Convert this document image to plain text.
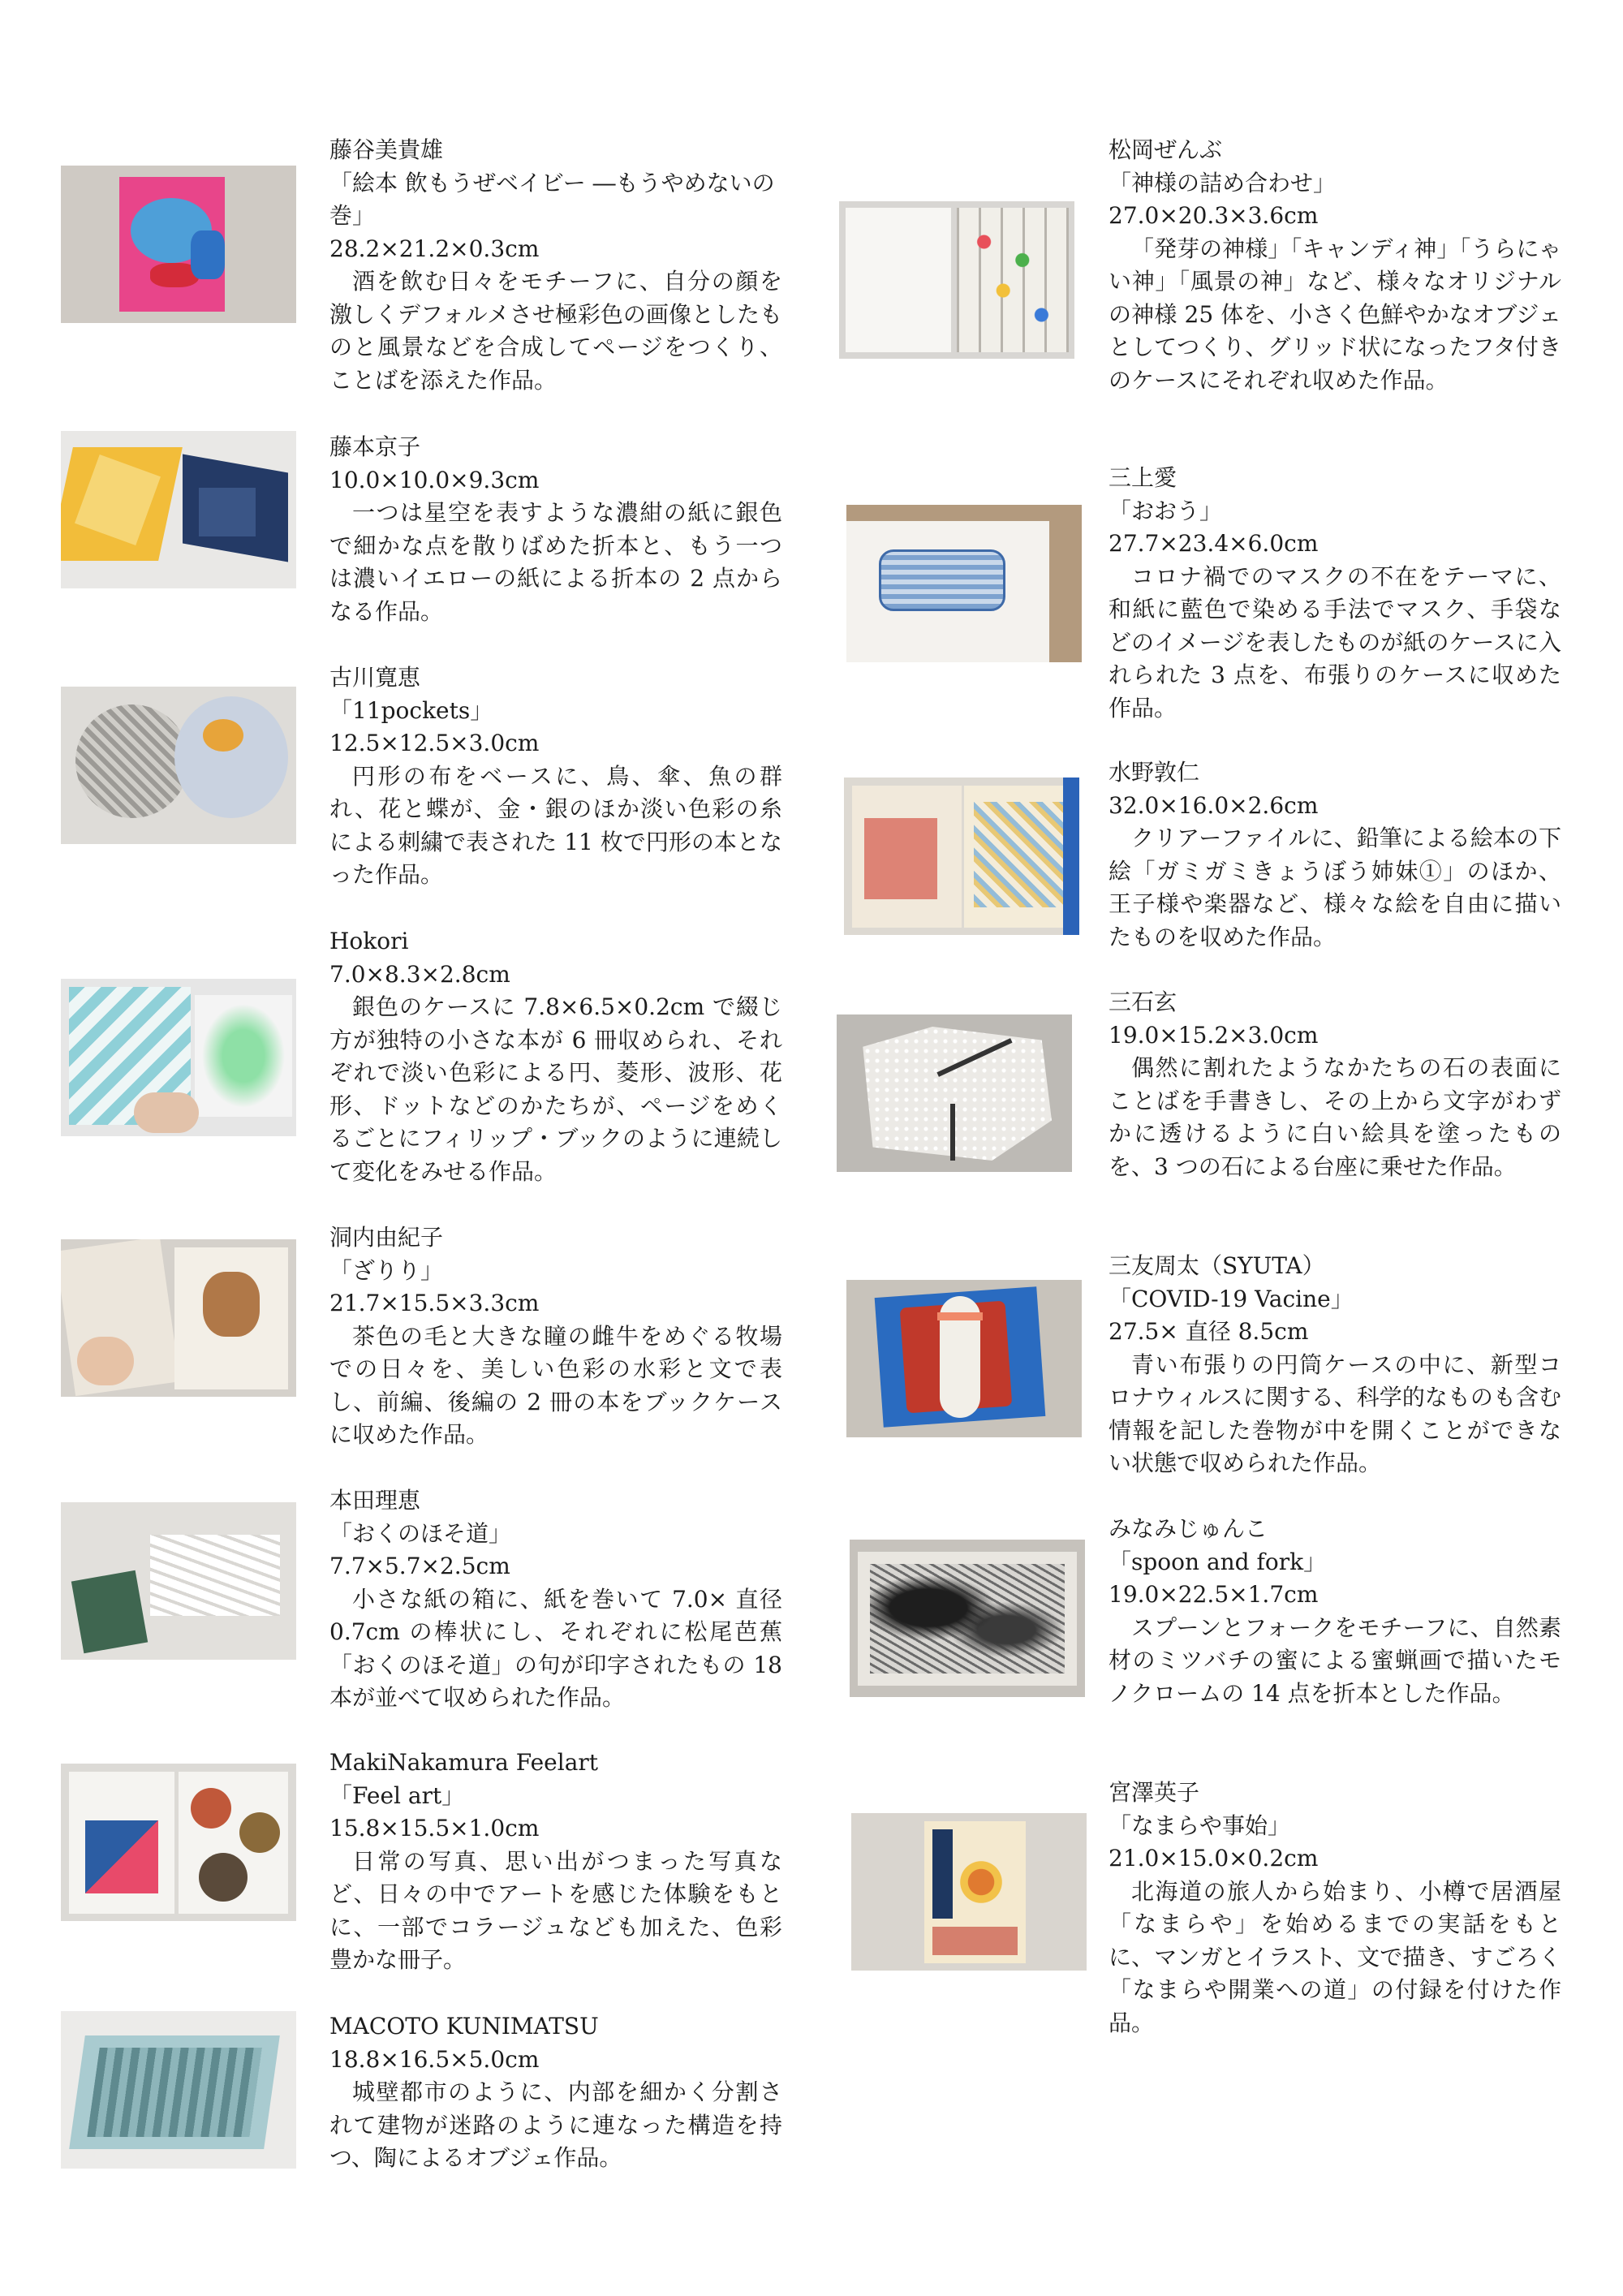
藤谷美貴雄
「絵本 飲もうぜベイビー ―もうやめないの巻」
28.2×21.2×0.3cm
酒を飲む日々をモチーフに、自分の顔を激しくデフォルメさせ極彩色の画像としたものと風景などを合成してページをつくり、ことばを添えた作品。
藤本京子
10.0×10.0×9.3cm
一つは星空を表すような濃紺の紙に銀色で細かな点を散りばめた折本と、もう一つは濃いイエローの紙による折本の 2 点からなる作品。
古川寛恵
「11pockets」
12.5×12.5×3.0cm
円形の布をベースに、鳥、傘、魚の群れ、花と蝶が、金・銀のほか淡い色彩の糸による刺繍で表された 11 枚で円形の本となった作品。
Hokori
7.0×8.3×2.8cm
銀色のケースに 7.8×6.5×0.2cm で綴じ方が独特の小さな本が 6 冊収められ、それぞれで淡い色彩による円、菱形、波形、花形、ドットなどのかたちが、ページをめくるごとにフィリップ・ブックのように連続して変化をみせる作品。
洞内由紀子
「ざりり」
21.7×15.5×3.3cm
茶色の毛と大きな瞳の雌牛をめぐる牧場での日々を、美しい色彩の水彩と文で表し、前編、後編の 2 冊の本をブックケースに収めた作品。
本田理恵
「おくのほそ道」
7.7×5.7×2.5cm
小さな紙の箱に、紙を巻いて 7.0× 直径 0.7cm の棒状にし、それぞれに松尾芭蕉「おくのほそ道」の句が印字されたもの 18 本が並べて収められた作品。
MakiNakamura Feelart
「Feel art」
15.8×15.5×1.0cm
日常の写真、思い出がつまった写真など、日々の中でアートを感じた体験をもとに、一部でコラージュなども加えた、色彩豊かな冊子。
MACOTO KUNIMATSU
18.8×16.5×5.0cm
城壁都市のように、内部を細かく分割されて建物が迷路のように連なった構造を持つ、陶によるオブジェ作品。
松岡ぜんぶ
「神様の詰め合わせ」
27.0×20.3×3.6cm
「発芽の神様」「キャンディ神」「うらにゃい神」「風景の神」など、様々なオリジナルの神様 25 体を、小さく色鮮やかなオブジェとしてつくり、グリッド状になったフタ付きのケースにそれぞれ収めた作品。
三上愛
「おおう」
27.7×23.4×6.0cm
コロナ禍でのマスクの不在をテーマに、和紙に藍色で染める手法でマスク、手袋などのイメージを表したものが紙のケースに入れられた 3 点を、布張りのケースに収めた作品。
水野敦仁
32.0×16.0×2.6cm
クリアーファイルに、鉛筆による絵本の下絵「ガミガミきょうぼう姉妹①」のほか、王子様や楽器など、様々な絵を自由に描いたものを収めた作品。
三石玄
19.0×15.2×3.0cm
偶然に割れたようなかたちの石の表面にことばを手書きし、その上から文字がわずかに透けるように白い絵具を塗ったものを、3 つの石による台座に乗せた作品。
三友周太（SYUTA）
「COVID-19 Vacine」
27.5× 直径 8.5cm
青い布張りの円筒ケースの中に、新型コロナウィルスに関する、科学的なものも含む情報を記した巻物が中を開くことができない状態で収められた作品。
みなみじゅんこ
「spoon and fork」
19.0×22.5×1.7cm
スプーンとフォークをモチーフに、自然素材のミツバチの蜜による蜜蝋画で描いたモノクロームの 14 点を折本とした作品。
宮澤英子
「なまらや事始」
21.0×15.0×0.2cm
北海道の旅人から始まり、小樽で居酒屋「なまらや」を始めるまでの実話をもとに、マンガとイラスト、文で描き、すごろく「なまらや開業への道」の付録を付けた作品。
